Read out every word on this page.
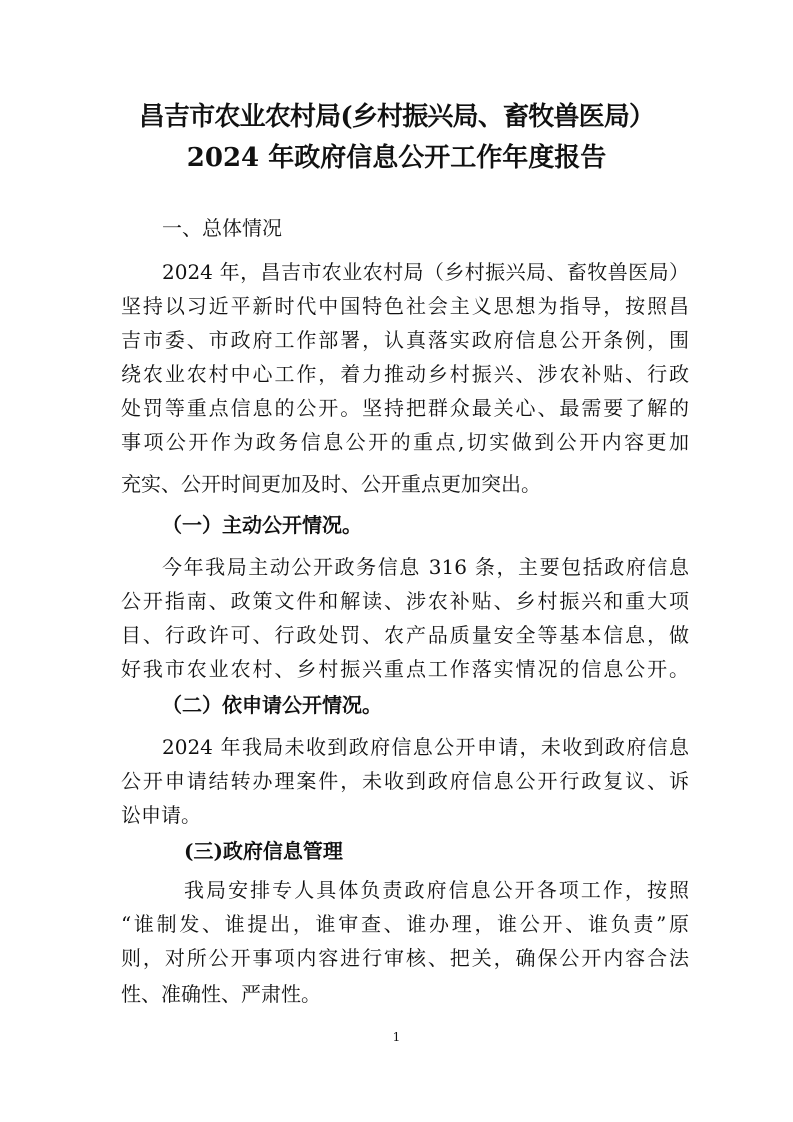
昌吉市农业农村局(乡村振兴局、畜牧兽医局）
2024 年政府信息公开工作年度报告

一、总体情况

2024 年，昌吉市农业农村局（乡村振兴局、畜牧兽医局）

坚持以习近平新时代中国特色社会主义思想为指导，按照昌

吉市委、市政府工作部署，认真落实政府信息公开条例，围

绕农业农村中心工作，着力推动乡村振兴、涉农补贴、行政

处罚等重点信息的公开。坚持把群众最关心、最需要了解的

事项公开作为政务信息公开的重点,切实做到公开内容更加

充实、公开时间更加及时、公开重点更加突出。

（一）主动公开情况。

今年我局主动公开政务信息 316 条，主要包括政府信息

公开指南、政策文件和解读、涉农补贴、乡村振兴和重大项

目、行政许可、行政处罚、农产品质量安全等基本信息，做

好我市农业农村、乡村振兴重点工作落实情况的信息公开。

（二）依申请公开情况。

2024 年我局未收到政府信息公开申请，未收到政府信息

公开申请结转办理案件，未收到政府信息公开行政复议、诉

讼申请。

(三)政府信息管理

我局安排专人具体负责政府信息公开各项工作，按照

“谁制发、谁提出，谁审查、谁办理，谁公开、谁负责”原

则，对所公开事项内容进行审核、把关，确保公开内容合法

性、准确性、严肃性。

1
